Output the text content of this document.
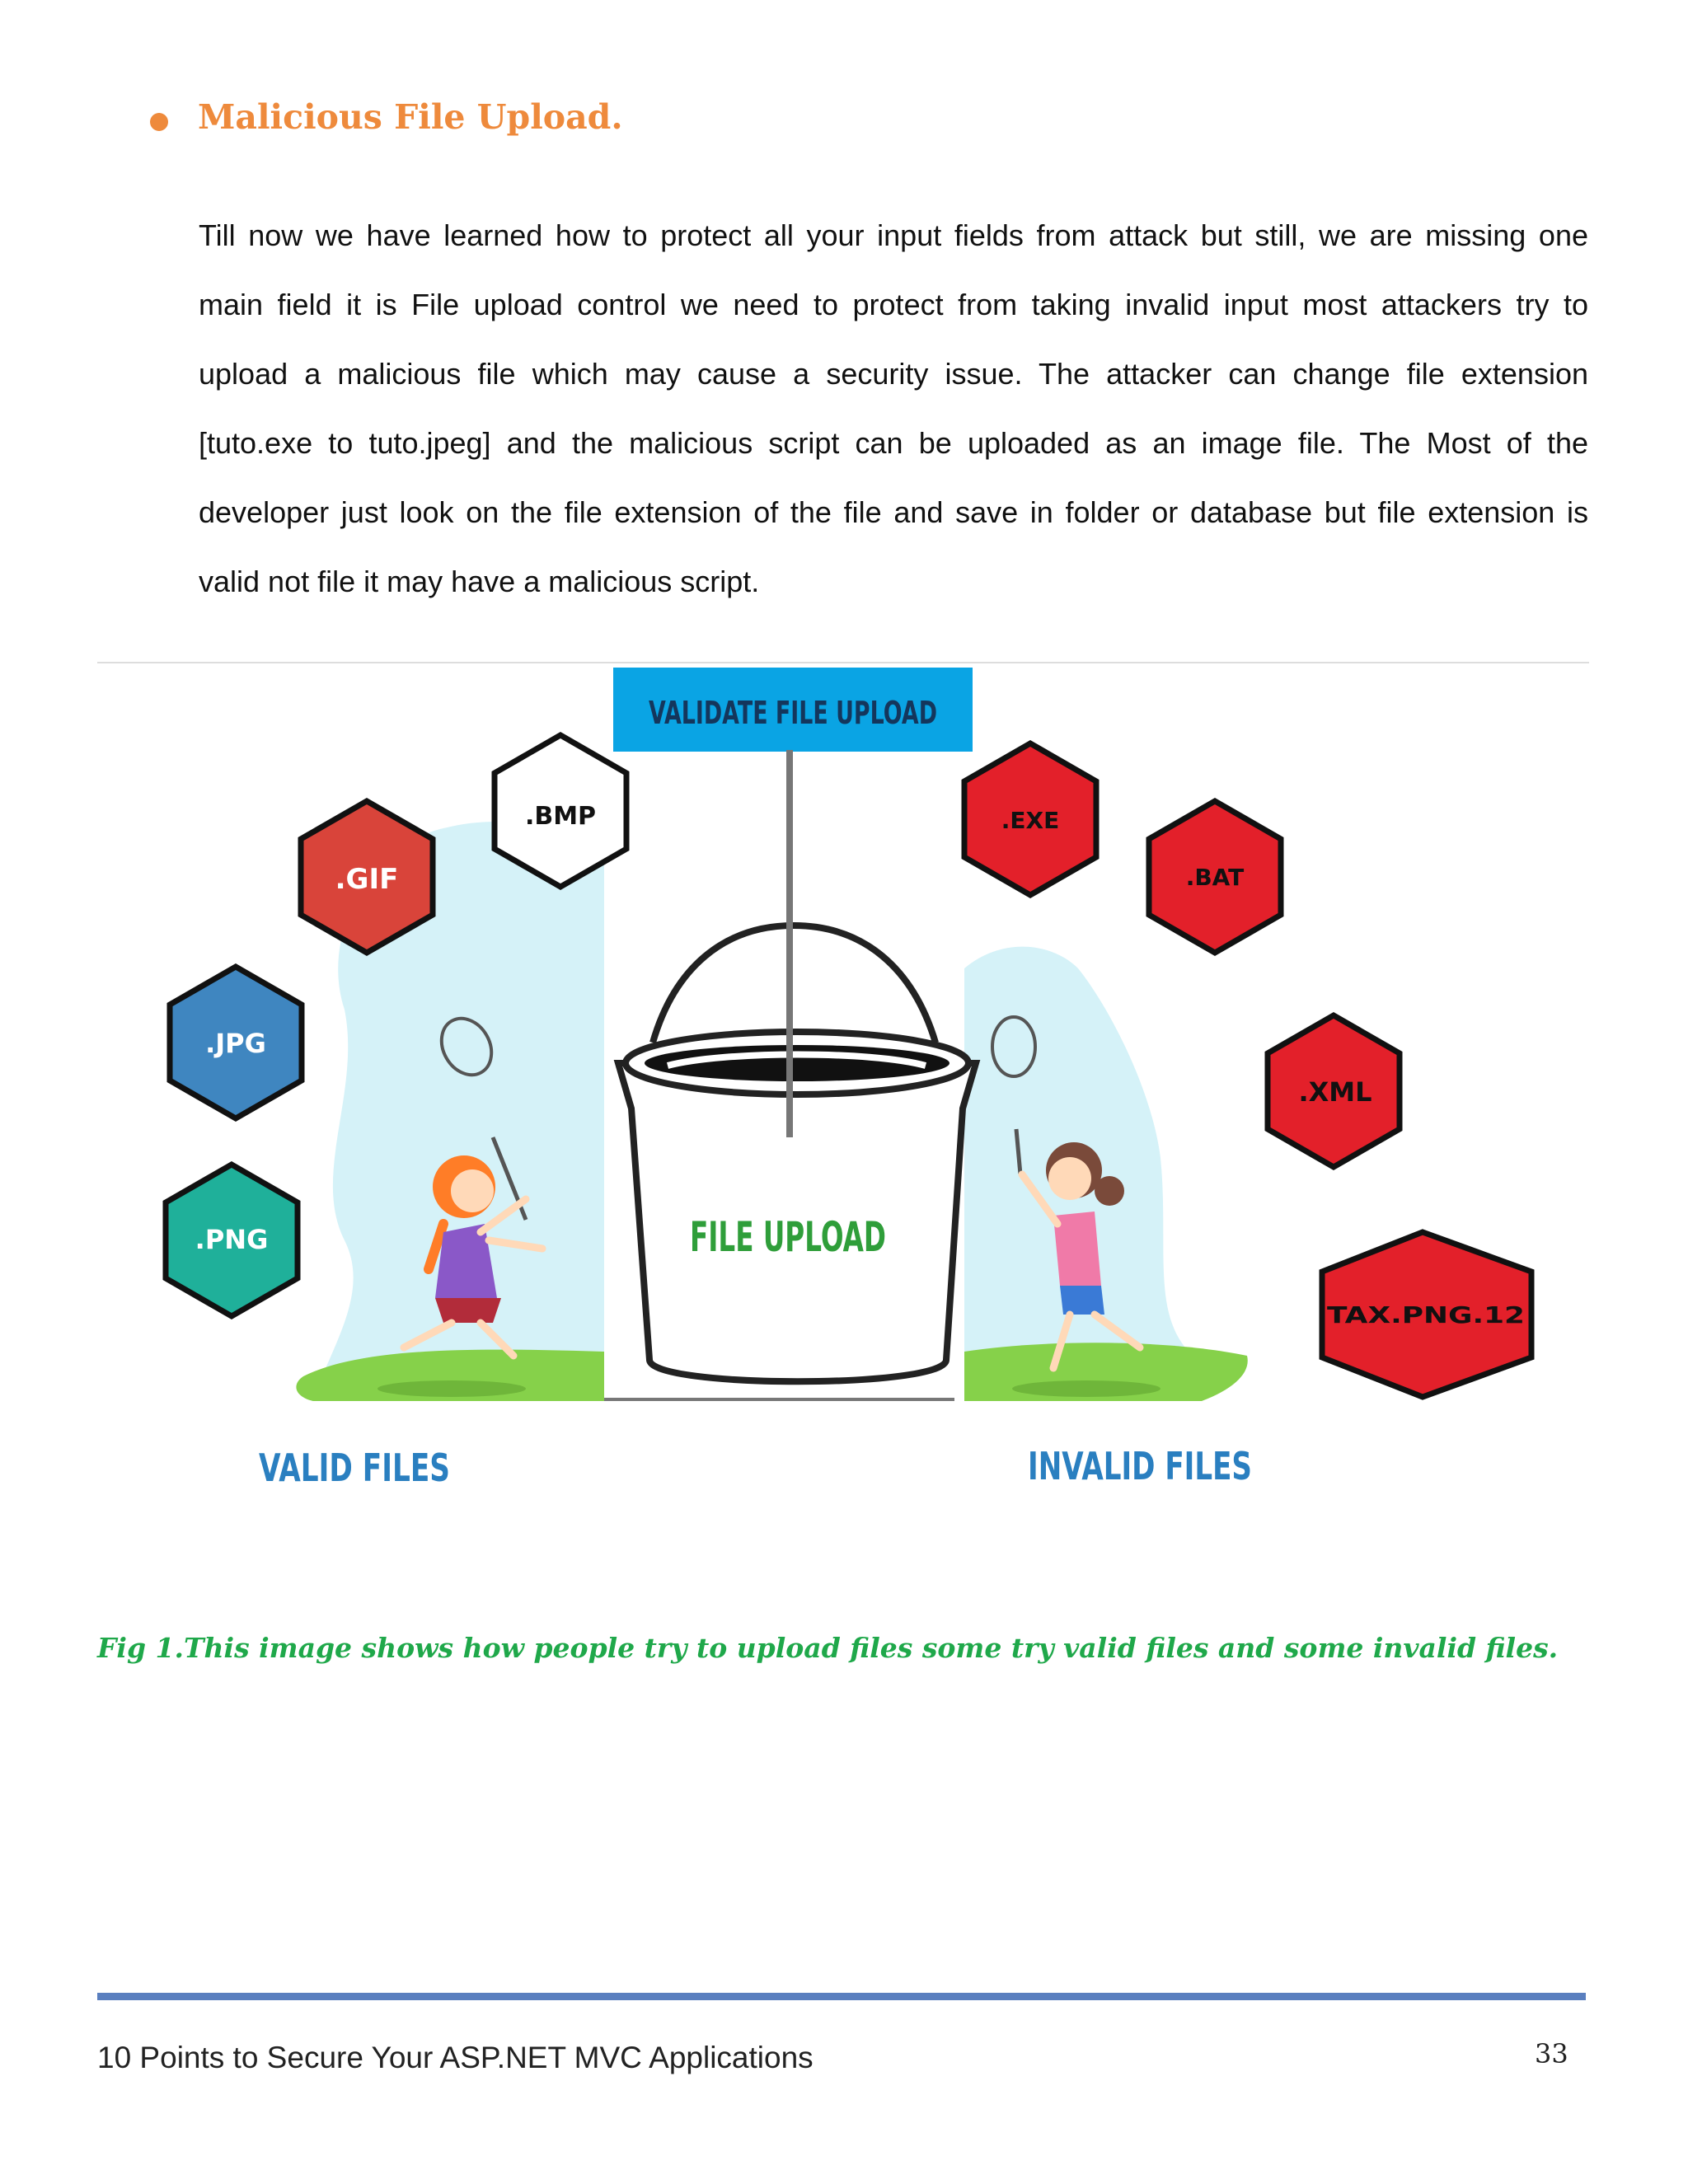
Malicious File Upload.
Till now we have learned how to protect all your input fields from attack but still, we are missing one
main field it is File upload control we need to protect from taking invalid input most attackers try to
upload a malicious file which may cause a security issue. The attacker can change file extension
[tuto.exe to tuto.jpeg] and the malicious script can be uploaded as an image file. The Most of the
developer just look on the file extension of the file and save in folder or database but file extension is
valid not file it may have a malicious script.
VALIDATE FILE UPLOAD
FILE UPLOAD
.BMP
.GIF
.JPG
.PNG
.EXE
.BAT
.XML
TAX.PNG.12
VALID FILES	INVALID FILES
Fig 1.This image shows how people try to upload files some try valid files and some invalid files.
10 Points to Secure Your ASP.NET MVC Applications	33
